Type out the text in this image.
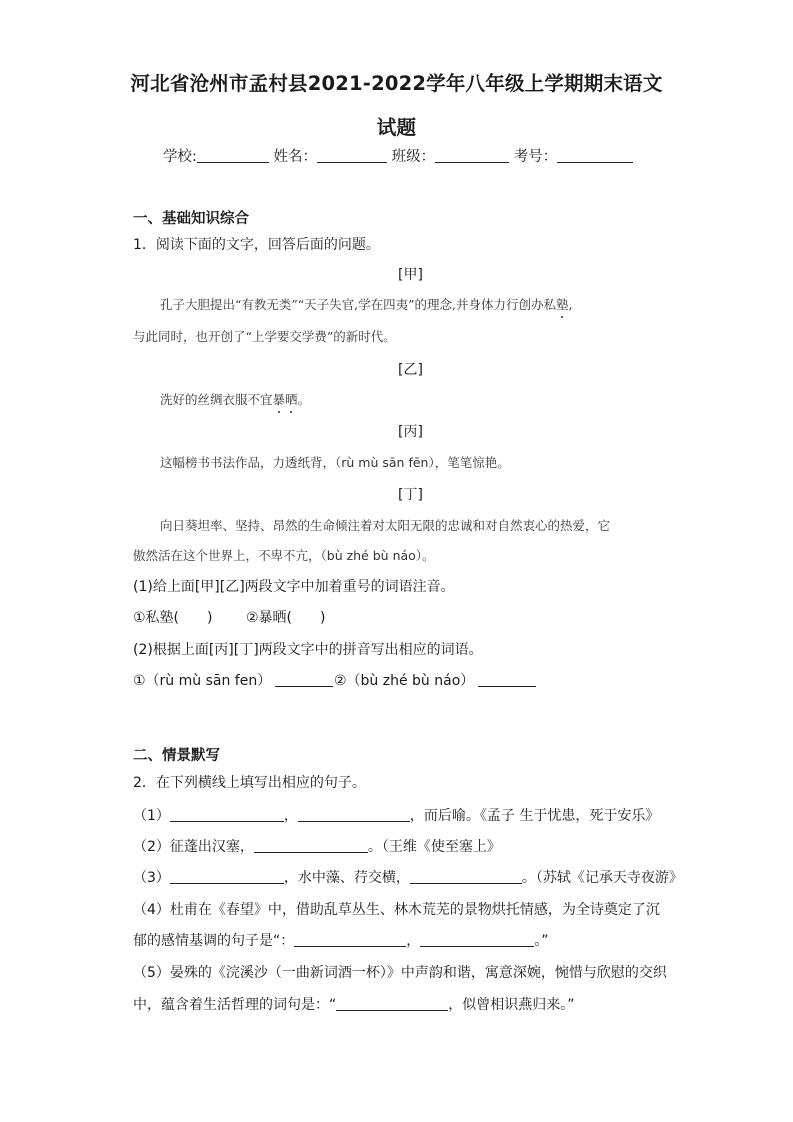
河北省沧州市孟村县2021-2022学年八年级上学期期末语文
试题
学校:	姓名：	班级：	考号：
一、基础知识综合
1．阅读下面的文字，回答后面的问题。
[甲]
孔子大胆提出“有教无类”“天子失官,学在四夷”的理念,并身体力行创办私塾,
与此同时，也开创了“上学要交学费”的新时代。
[乙]
洗好的丝绸衣服不宜暴晒。
[丙]
这幅榜书书法作品，力透纸背，（rù mù sān fēn），笔笔惊艳。
[丁]
向日葵坦率、坚持、昂然的生命倾注着对太阳无限的忠诚和对自然衷心的热爱，它
傲然活在这个世界上，不卑不亢，（bù zhé bù náo）。
(1)给上面[甲][乙]两段文字中加着重号的词语注音。
①私塾(　　) ②暴晒(　　)
(2)根据上面[丙][丁]两段文字中的拼音写出相应的词语。
①（rù mù sān fen）	②（bù zhé bù náo）
二、情景默写
2．在下列横线上填写出相应的句子。
（1）	，	，而后喻。《孟子 生于忧患，死于安乐》
（2）征蓬出汉塞，	。（王维《使至塞上》
（3）	，水中藻、荇交横，	。（苏轼《记承天寺夜游》
（4）杜甫在《春望》中，借助乱草丛生、林木荒芜的景物烘托情感，为全诗奠定了沉
郁的感情基调的句子是“：	，	。”
（5）晏殊的《浣溪沙（一曲新词酒一杯）》中声韵和谐，寓意深婉，惋惜与欣慰的交织
中，蕴含着生活哲理的词句是：“	，似曾相识燕归来。”
